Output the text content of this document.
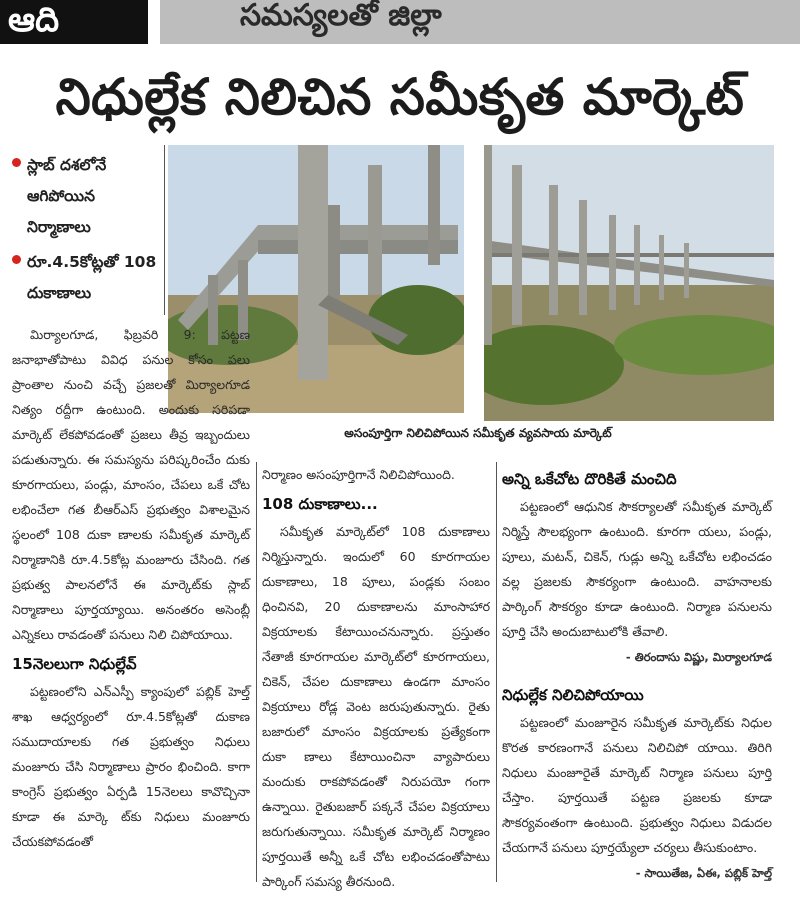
ఆది	సమస్యలతో జిల్లా
నిధుల్లేక నిలిచిన సమీకృత మార్కెట్
స్లాబ్ దశలోనే ఆగిపోయిన నిర్మాణాలు
రూ.4.5కోట్లతో 108 దుకాణాలు
అసంపూర్తిగా నిలిచిపోయిన సమీకృత వ్యవసాయ మార్కెట్

మిర్యాలగూడ, ఫిబ్రవరి 9: పట్టణ జనాభాతోపాటు వివిధ పనుల కోసం పలు ప్రాంతాల నుంచి వచ్చే ప్రజలతో మిర్యాలగూడ నిత్యం రద్దీగా ఉంటుంది. అందుకు సరిపడా మార్కెట్ లేకపోవడంతో ప్రజలు తీవ్ర ఇబ్బందులు పడుతున్నారు. ఈ సమస్యను పరిష్కరించేం దుకు కూరగాయలు, పండ్లు, మాంసం, చేపలు ఒకే చోట లభించేలా గత బీఆర్ఎస్ ప్రభుత్వం విశాలమైన స్థలంలో 108 దుకా ణాలకు సమీకృత మార్కెట్ నిర్మాణానికి రూ.4.5కోట్ల మంజూరు చేసింది. గత ప్రభుత్వ పాలనలోనే ఈ మార్కెట్‌కు స్లాబ్ నిర్మాణాలు పూర్తయ్యాయి. అనంతరం అసెంబ్లీ ఎన్నికలు రావడంతో పనులు నిలి చిపోయాయి.

15నెలలుగా నిధుల్లేవ్

పట్టణంలోని ఎన్ఎస్పీ క్యాంపులో పబ్లిక్ హెల్త్ శాఖ ఆధ్వర్యంలో రూ.4.5కోట్లతో దుకాణ సముదాయాలకు గత ప్రభుత్వం నిధులు మంజూరు చేసి నిర్మాణాలు ప్రారం భించింది. కాగా కాంగ్రెస్ ప్రభుత్వం ఏర్పడి 15నెలలు కావొచ్చినా కూడా ఈ మార్కె ట్‌కు నిధులు మంజూరు చేయకపోవడంతో

నిర్మాణం అసంపూర్తిగానే నిలిచిపోయింది.

108 దుకాణాలు...

సమీకృత మార్కెట్‌లో 108 దుకాణాలు నిర్మిస్తున్నారు. ఇందులో 60 కూరగాయల దుకాణాలు, 18 పూలు, పండ్లకు సంబం ధించినవి, 20 దుకాణాలను మాంసాహార విక్రయాలకు కేటాయించనున్నారు. ప్రస్తుతం నేతాజీ కూరగాయల మార్కెట్‌లో కూరగాయలు, చికెన్, చేపల దుకాణాలు ఉండగా మాంసం విక్రయాలు రోడ్ల వెంట జరుపుతున్నారు. రైతు బజారులో మాంసం విక్రయాలకు ప్రత్యేకంగా దుకా ణాలు కేటాయించినా వ్యాపారులు మందుకు రాకపోవడంతో నిరుపయో గంగా ఉన్నాయి. రైతుబజార్ పక్కనే చేపల విక్రయాలు జరుగుతున్నాయి. సమీకృత మార్కెట్ నిర్మాణం పూర్తయితే అన్నీ ఒకే చోట లభించడంతోపాటు పార్కింగ్ సమస్య తీరనుంది.

అన్ని ఒకేచోట దొరికితే మంచిది

పట్టణంలో ఆధునిక సౌకర్యాలతో సమీకృత మార్కెట్ నిర్మిస్తే సౌలభ్యంగా ఉంటుంది. కూరగా యలు, పండ్లు, పూలు, మటన్, చికెన్, గుడ్లు అన్ని ఒకేచోట లభించడం వల్ల ప్రజలకు సౌకర్యంగా ఉంటుంది. వాహనాలకు పార్కింగ్ సౌకర్యం కూడా ఉంటుంది. నిర్మాణ పనులను పూర్తి చేసి అందుబాటులోకి తేవాలి.

- తిరందాసు విష్ణు, మిర్యాలగూడ
నిధుల్లేక నిలిచిపోయాయి

పట్టణంలో మంజూరైన సమీకృత మార్కెట్‌కు నిధుల కొరత కారణంగానే పనులు నిలిచిపో యాయి. తిరిగి నిధులు మంజూరైతే మార్కెట్ నిర్మాణ పనులు పూర్తి చేస్తాం. పూర్తయితే పట్టణ ప్రజలకు కూడా సౌకర్యవంతంగా ఉంటుంది. ప్రభుత్వం నిధులు విడుదల చేయగానే పనులు పూర్తయ్యేలా చర్యలు తీసుకుంటాం.

- సాయితేజ, ఏఈ, పబ్లిక్ హెల్త్
